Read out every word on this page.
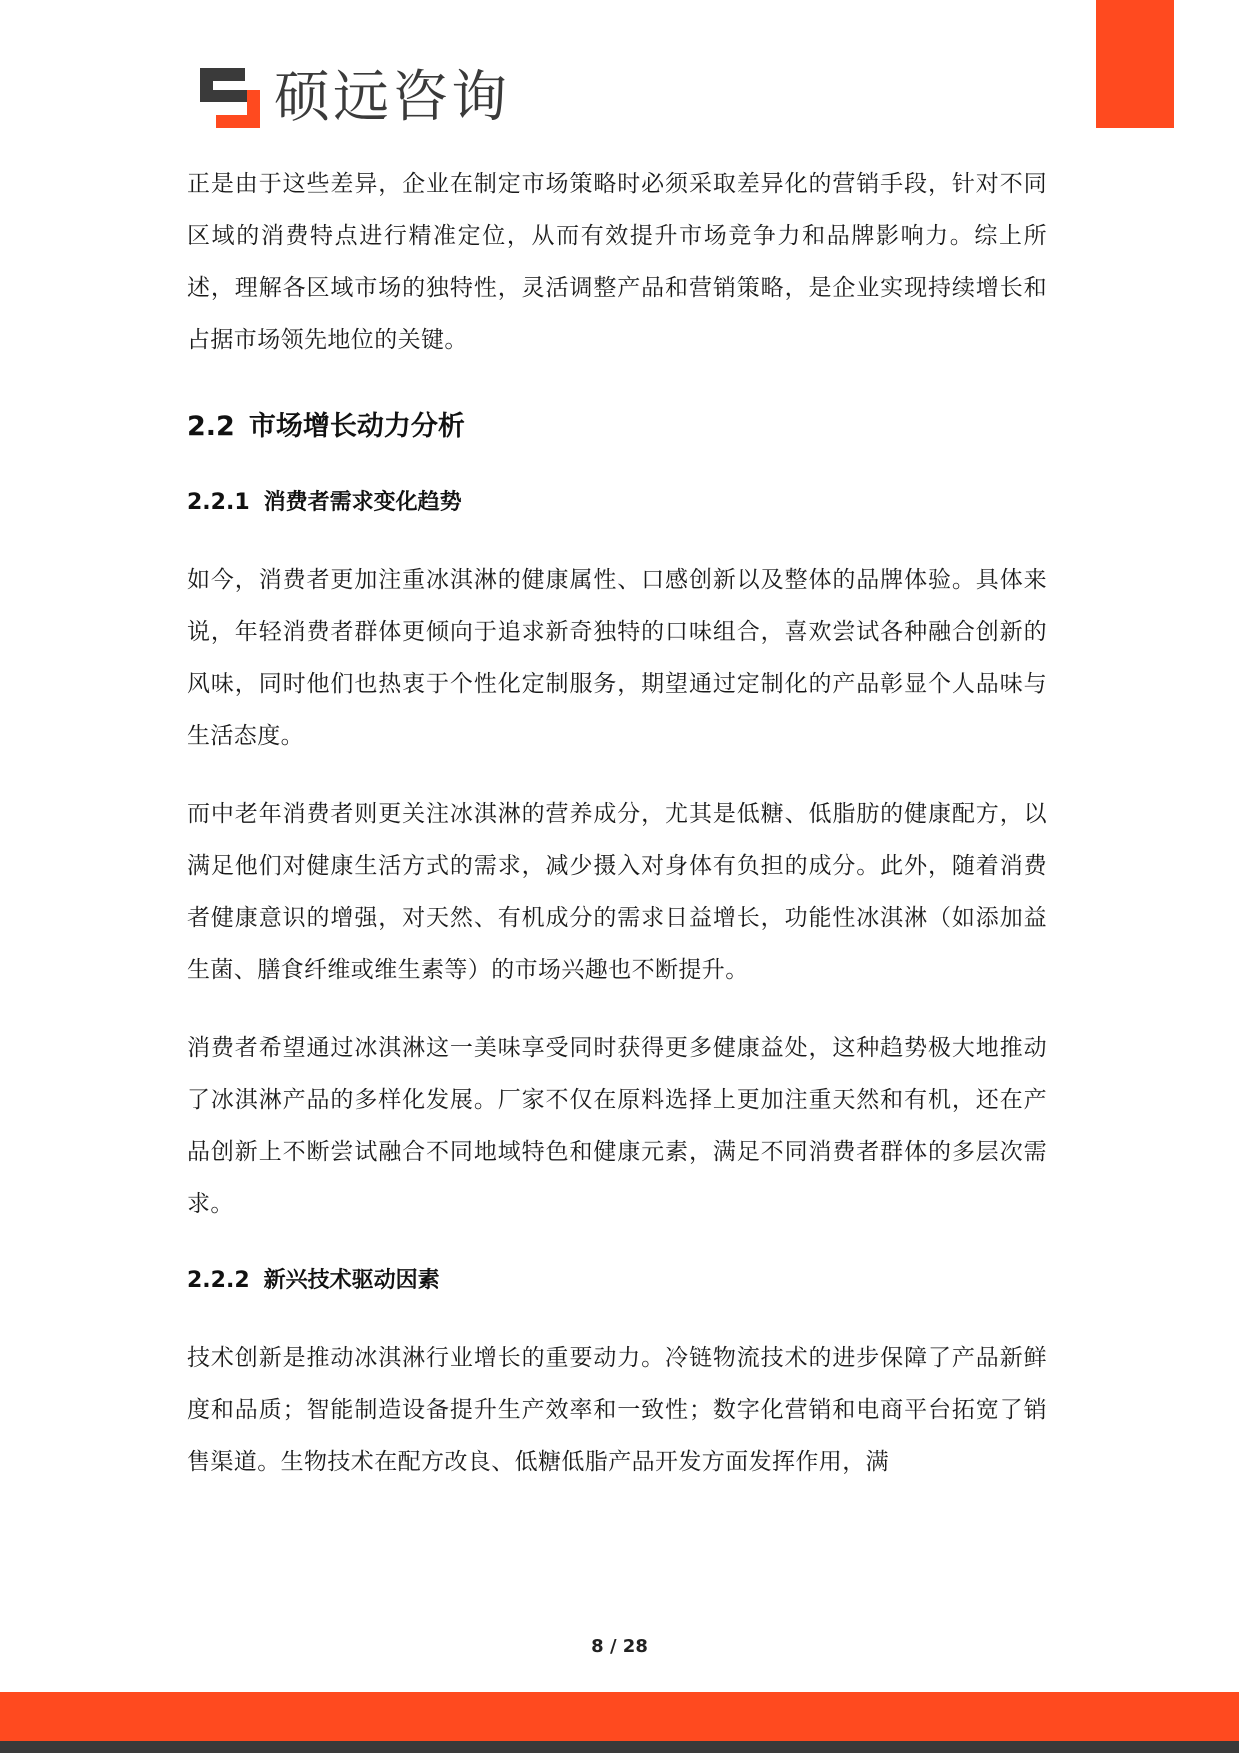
硕远咨询

正是由于这些差异，企业在制定市场策略时必须采取差异化的营销手段，针对不同区域的消费特点进行精准定位，从而有效提升市场竞争力和品牌影响力。综上所述，理解各区域市场的独特性，灵活调整产品和营销策略，是企业实现持续增长和占据市场领先地位的关键。

2.2 市场增长动力分析
2.2.1 消费者需求变化趋势

如今，消费者更加注重冰淇淋的健康属性、口感创新以及整体的品牌体验。具体来说，年轻消费者群体更倾向于追求新奇独特的口味组合，喜欢尝试各种融合创新的风味，同时他们也热衷于个性化定制服务，期望通过定制化的产品彰显个人品味与生活态度。

而中老年消费者则更关注冰淇淋的营养成分，尤其是低糖、低脂肪的健康配方，以满足他们对健康生活方式的需求，减少摄入对身体有负担的成分。此外，随着消费者健康意识的增强，对天然、有机成分的需求日益增长，功能性冰淇淋（如添加益生菌、膳食纤维或维生素等）的市场兴趣也不断提升。

消费者希望通过冰淇淋这一美味享受同时获得更多健康益处，这种趋势极大地推动了冰淇淋产品的多样化发展。厂家不仅在原料选择上更加注重天然和有机，还在产品创新上不断尝试融合不同地域特色和健康元素，满足不同消费者群体的多层次需求。

2.2.2 新兴技术驱动因素

技术创新是推动冰淇淋行业增长的重要动力。冷链物流技术的进步保障了产品新鲜度和品质；智能制造设备提升生产效率和一致性；数字化营销和电商平台拓宽了销售渠道。生物技术在配方改良、低糖低脂产品开发方面发挥作用，满

8 / 28
